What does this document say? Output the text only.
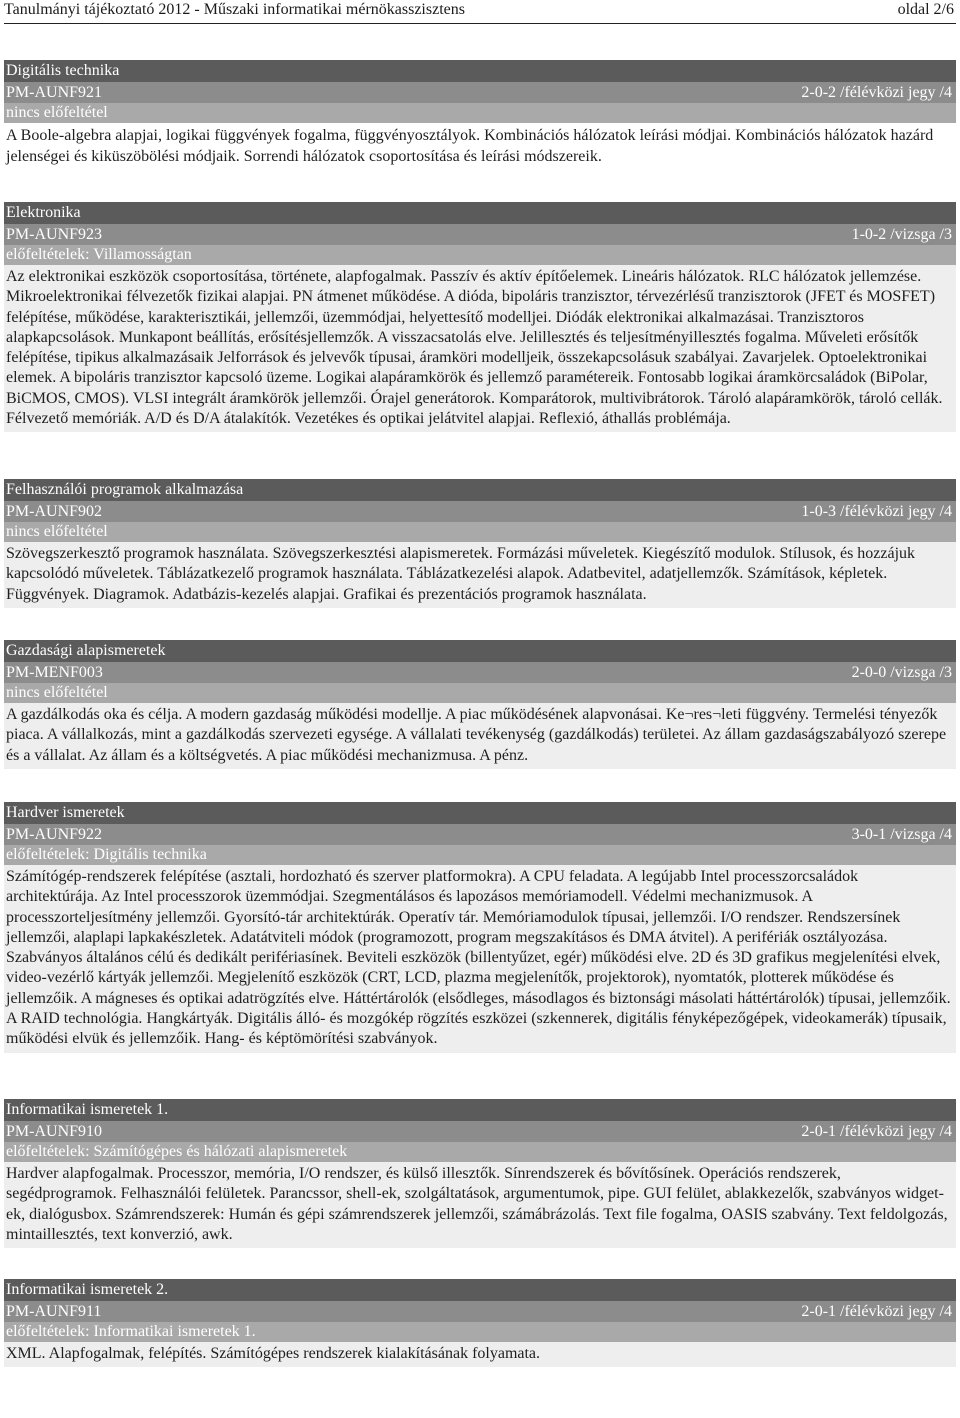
Tanulmányi tájékoztató 2012 - Műszaki informatikai mérnökasszisztens	oldal 2/6
Digitális technika
PM-AUNF921	2-0-2 /félévközi jegy /4
nincs előfeltétel
A Boole-algebra alapjai, logikai függvények fogalma, függvényosztályok. Kombinációs hálózatok leírási módjai. Kombinációs hálózatok hazárd jelenségei és kiküszöbölési módjaik. Sorrendi hálózatok csoportosítása és leírási módszereik.
Elektronika
PM-AUNF923	1-0-2 /vizsga /3
előfeltételek: Villamosságtan
Az elektronikai eszközök csoportosítása, története, alapfogalmak. Passzív és aktív építőelemek. Lineáris hálózatok. RLC hálózatok jellemzése. Mikroelektronikai félvezetők fizikai alapjai. PN átmenet működése. A dióda, bipoláris tranzisztor, térvezérlésű tranzisztorok (JFET és MOSFET) felépítése, működése, karakterisztikái, jellemzői, üzemmódjai, helyettesítő modelljei. Diódák elektronikai alkalmazásai. Tranzisztoros alapkapcsolások. Munkapont beállítás, erősítésjellemzők. A visszacsatolás elve. Jelillesztés és teljesítményillesztés fogalma. Műveleti erősítők felépítése, tipikus alkalmazásaik Jelforrások és jelvevők típusai, áramköri modelljeik, összekapcsolásuk szabályai. Zavarjelek. Optoelektronikai elemek. A bipoláris tranzisztor kapcsoló üzeme. Logikai alapáramkörök és jellemző paramétereik. Fontosabb logikai áramkörcsaládok (BiPolar, BiCMOS, CMOS). VLSI integrált áramkörök jellemzői. Órajel generátorok. Komparátorok, multivibrátorok. Tároló alapáramkörök, tároló cellák. Félvezető memóriák. A/D és D/A átalakítók. Vezetékes és optikai jelátvitel alapjai. Reflexió, áthallás problémája.
Felhasználói programok alkalmazása
PM-AUNF902	1-0-3 /félévközi jegy /4
nincs előfeltétel
Szövegszerkesztő programok használata. Szövegszerkesztési alapismeretek. Formázási műveletek. Kiegészítő modulok. Stílusok, és hozzájuk kapcsolódó műveletek. Táblázatkezelő programok használata. Táblázatkezelési alapok. Adatbevitel, adatjellemzők. Számítások, képletek. Függvények. Diagramok. Adatbázis-kezelés alapjai. Grafikai és prezentációs programok használata.
Gazdasági alapismeretek
PM-MENF003	2-0-0 /vizsga /3
nincs előfeltétel
A gazdálkodás oka és célja. A modern gazdaság működési modellje. A piac működésének alapvonásai. Ke¬res¬leti függvény. Termelési tényezők piaca. A vállalkozás, mint a gazdálkodás szervezeti egysége. A vállalati tevékenység (gazdálkodás) területei. Az állam gazdaságszabályozó szerepe és a vállalat. Az állam és a költségvetés. A piac működési mechanizmusa. A pénz.
Hardver ismeretek
PM-AUNF922	3-0-1 /vizsga /4
előfeltételek: Digitális technika
Számítógép-rendszerek felépítése (asztali, hordozható és szerver platformokra). A CPU feladata. A legújabb Intel processzorcsaládok architektúrája. Az Intel processzorok üzemmódjai. Szegmentálásos és lapozásos memóriamodell. Védelmi mechanizmusok. A processzorteljesítmény jellemzői. Gyorsító-tár architektúrák. Operatív tár. Memóriamodulok típusai, jellemzői. I/O rendszer. Rendszersínek jellemzői, alaplapi lapkakészletek. Adatátviteli módok (programozott, program megszakításos és DMA átvitel). A perifériák osztályozása. Szabványos általános célú és dedikált perifériasínek. Beviteli eszközök (billentyűzet, egér) működési elve. 2D és 3D grafikus megjelenítési elvek, video-vezérlő kártyák jellemzői. Megjelenítő eszközök (CRT, LCD, plazma megjelenítők, projektorok), nyomtatók, plotterek működése és jellemzőik. A mágneses és optikai adatrögzítés elve. Háttértárolók (elsődleges, másodlagos és biztonsági másolati háttértárolók) típusai, jellemzőik. A RAID technológia. Hangkártyák. Digitális álló- és mozgókép rögzítés eszközei (szkennerek, digitális fényképezőgépek, videokamerák) típusaik, működési elvük és jellemzőik. Hang- és képtömörítési szabványok.
Informatikai ismeretek 1.
PM-AUNF910	2-0-1 /félévközi jegy /4
előfeltételek: Számítógépes és hálózati alapismeretek
Hardver alapfogalmak. Processzor, memória, I/O rendszer, és külső illesztők. Sínrendszerek és bővítősínek. Operációs rendszerek, segédprogramok. Felhasználói felületek. Parancssor, shell-ek, szolgáltatások, argumentumok, pipe. GUI felület, ablakkezelők, szabványos widget-ek, dialógusbox. Számrendszerek: Humán és gépi számrendszerek jellemzői, számábrázolás. Text file fogalma, OASIS szabvány. Text feldolgozás, mintaillesztés, text konverzió, awk.
Informatikai ismeretek 2.
PM-AUNF911	2-0-1 /félévközi jegy /4
előfeltételek: Informatikai ismeretek 1.
XML. Alapfogalmak, felépítés. Számítógépes rendszerek kialakításának folyamata.
